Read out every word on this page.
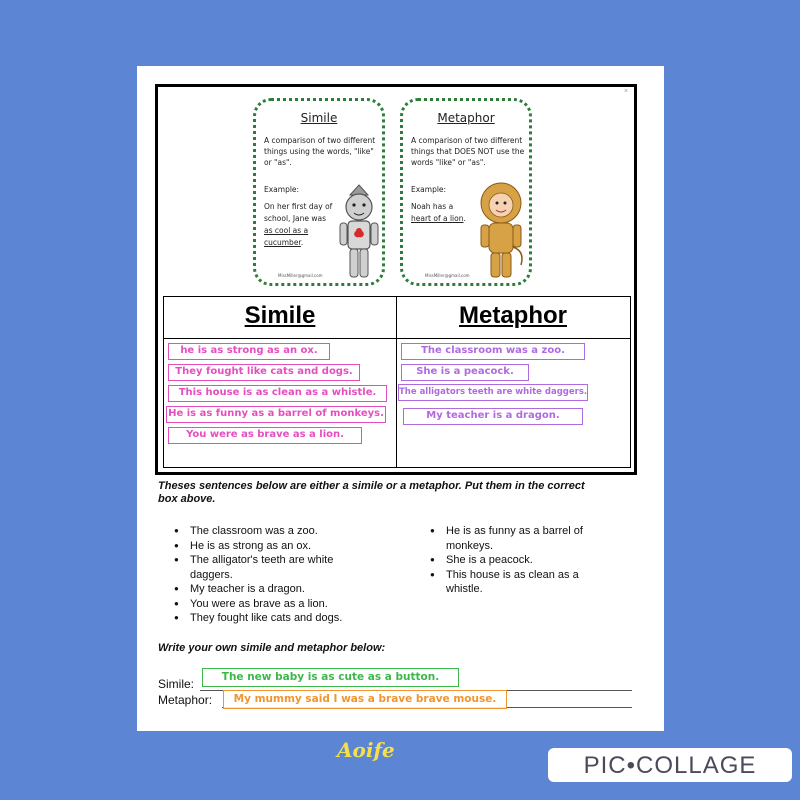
×
Simile
A comparison of two different things using the words, "like" or "as".
Example:
On her first day of school, Jane was as cool as a cucumber.
MissMiller@gmail.com
Metaphor
A comparison of two different things that DOES NOT use the words "like" or "as".
Example:
Noah has a heart of a lion.
MissMiller@gmail.com
Simile	Metaphor
he is as strong as an ox.
They fought like cats and dogs.
This house is as clean as a whistle.
He is as funny as a barrel of monkeys.
You were as brave as a lion.
The classroom was a zoo.
She is a peacock.
The alligators teeth are white daggers.
My teacher is a dragon.
Theses sentences below are either a simile or a metaphor. Put them in the correct box above.
● The classroom was a zoo.
● He is as strong as an ox.
● The alligator's teeth are white daggers.
● My teacher is a dragon.
● You were as brave as a lion.
● They fought like cats and dogs.
● He is as funny as a barrel of monkeys.
● She is a peacock.
● This house is as clean as a whistle.
Write your own simile and metaphor below:
Simile:	The new baby is as cute as a button.
Metaphor:	My mummy said I was a brave brave mouse.
Aoife
PIC•COLLAGE
